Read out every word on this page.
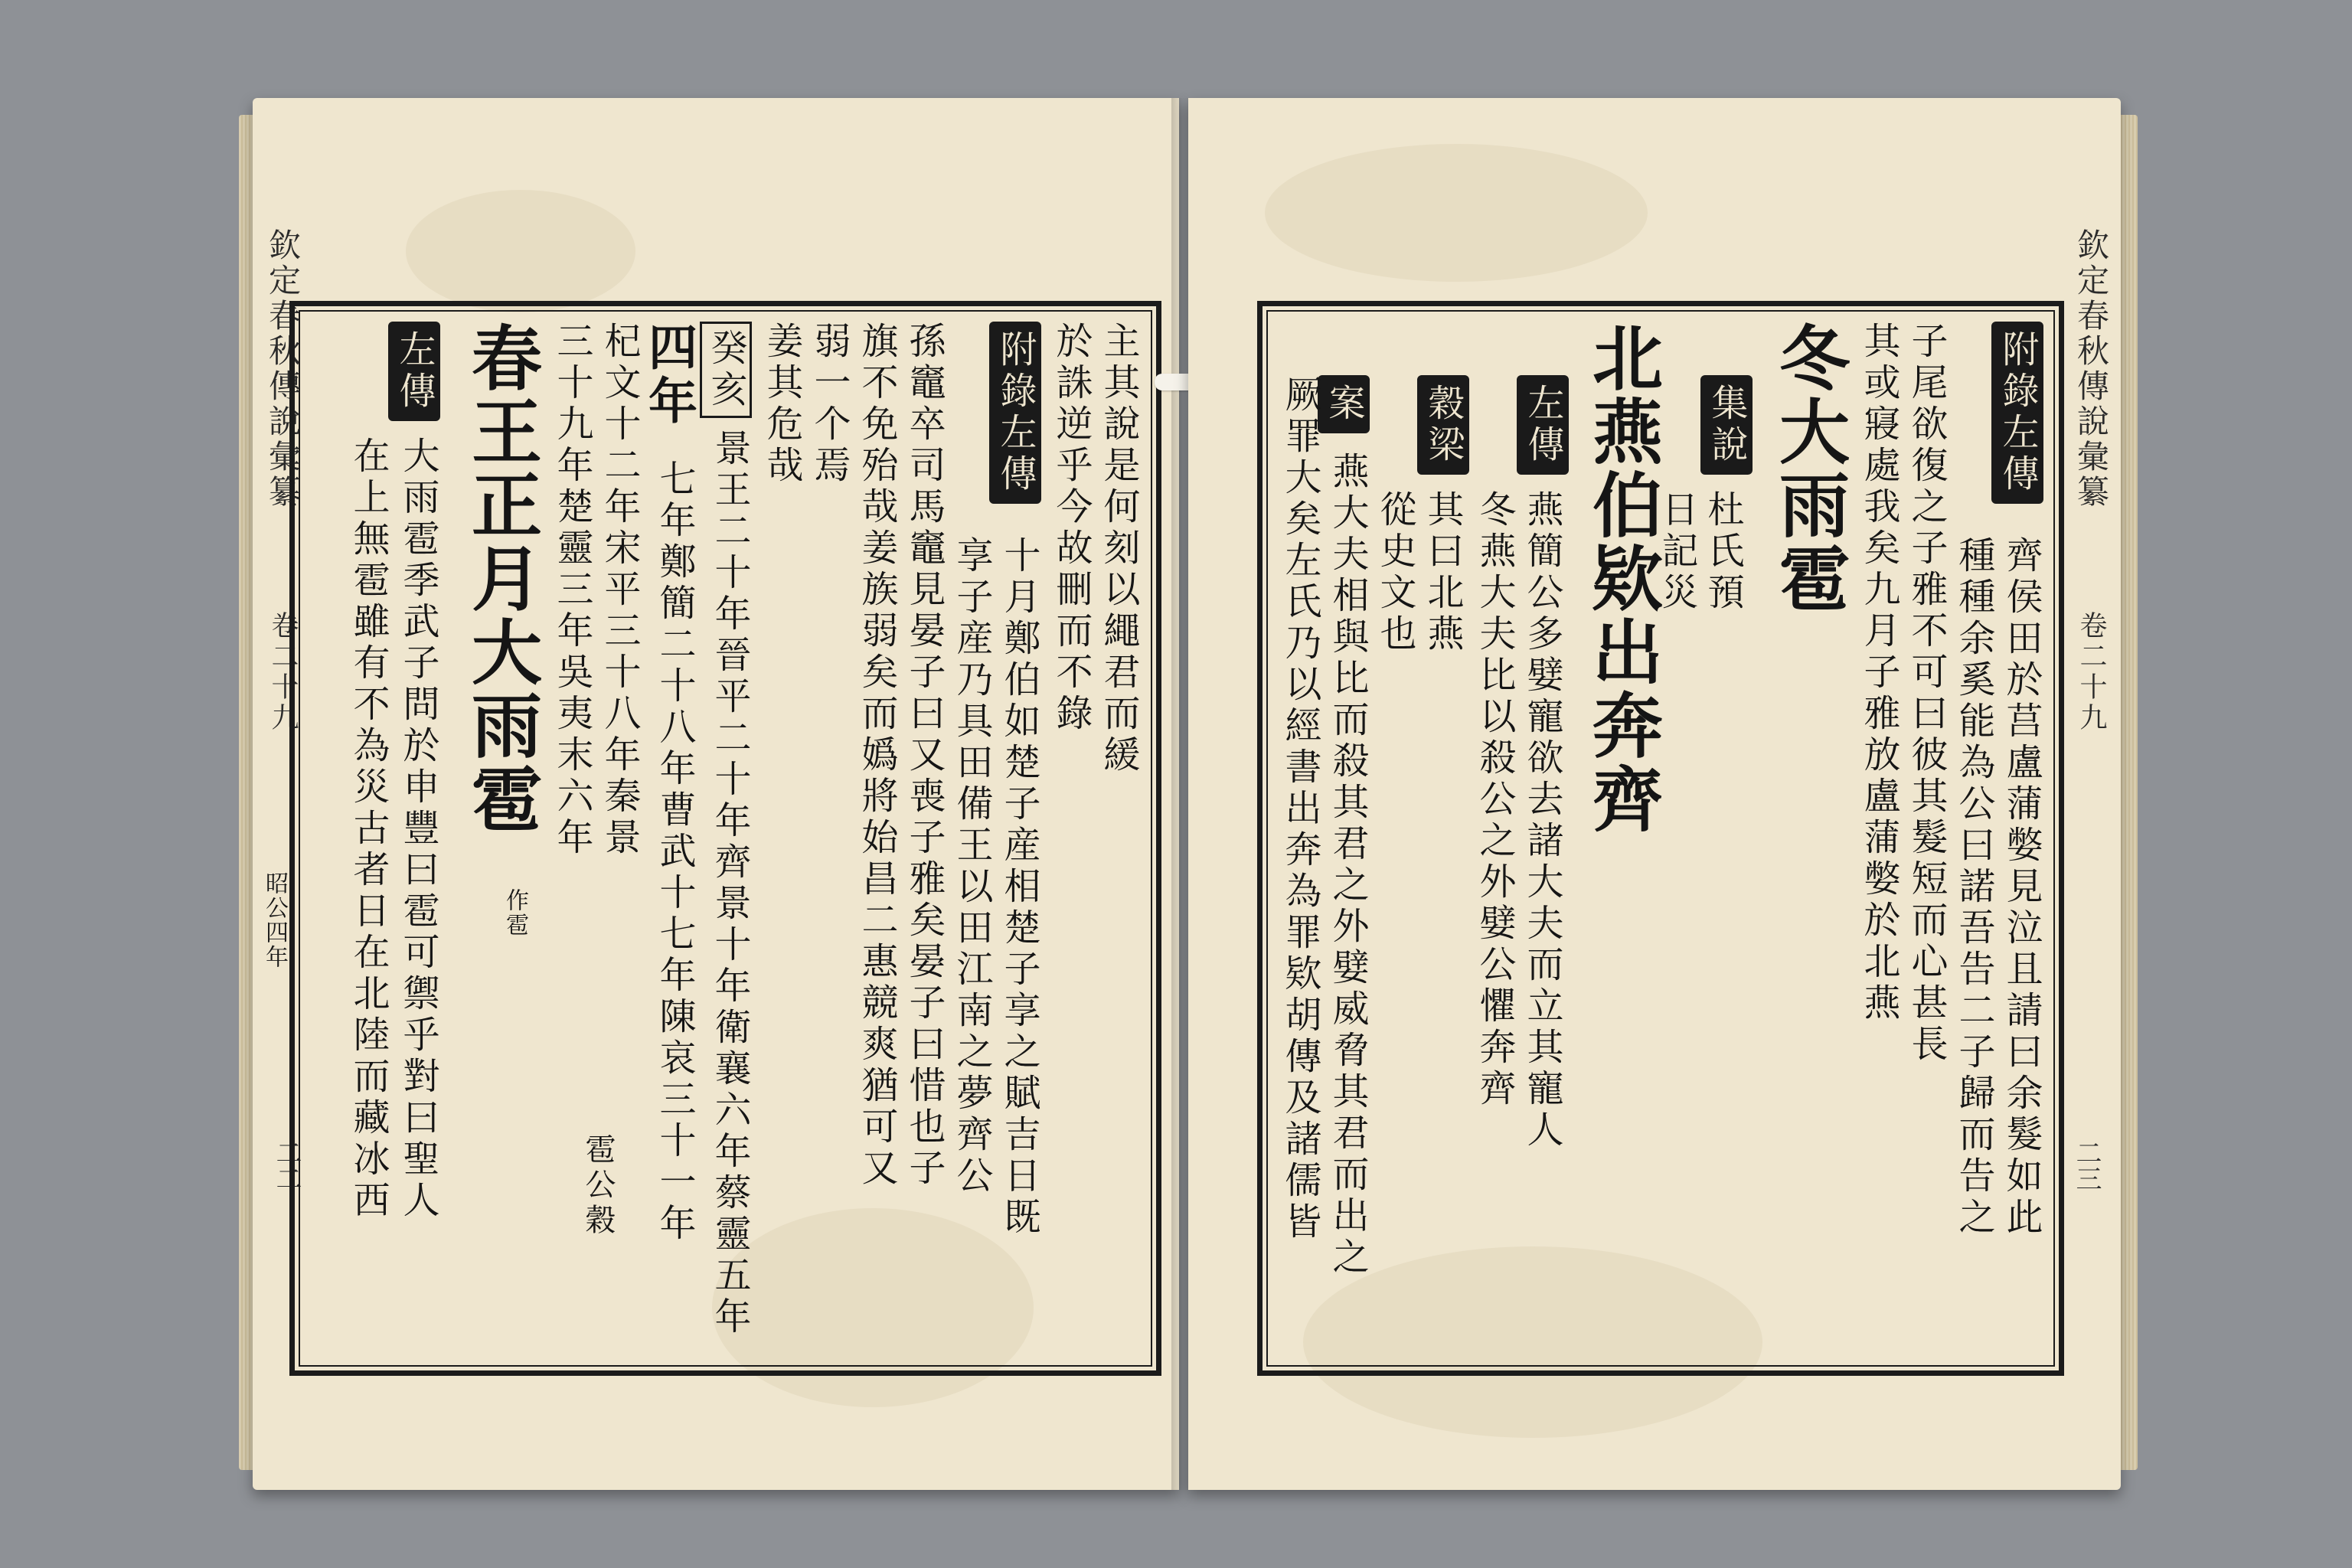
欽定春秋傳說彙纂
卷二十九
二二
主其說是何刻以繩君而緩
於誅逆乎今故刪而不錄
附錄左傳
十月鄭伯如楚子産相楚子享之賦吉日既
享子産乃具田備王以田江南之夢齊公
孫竈卒司馬竈見晏子曰又喪子雅矣晏子曰惜也子
旗不免殆哉姜族弱矣而嬀將始昌二惠競爽猶可又
弱一个焉
姜其危哉
癸亥
景王二十年晉平二十年齊景十年衛襄六年蔡靈五年
四年
七年鄭簡二十八年曹武十七年陳哀三十一年
杞文十二年宋平三十八年秦景
三十九年楚靈三年吳夷末六年
春王正月大雨雹
作雹
雹公穀
左傳
大雨雹季武子問於申豐曰雹可禦乎對曰聖人
在上無雹雖有不為災古者日在北陸而藏冰西
昭公四年
欽定春秋傳說彙纂
卷二十九
二三
附錄左傳
齊侯田於莒盧蒲嫳見泣且請曰余髮如此
種種余奚能為公曰諾吾告二子歸而告之
子尾欲復之子雅不可曰彼其髮短而心甚長
其或寢處我矣九月子雅放盧蒲嫳於北燕
冬大雨雹
集說
杜氏預
日記災
北燕伯欵出奔齊
左傳
燕簡公多嬖寵欲去諸大夫而立其寵人
冬燕大夫比以殺公之外嬖公懼奔齊
穀梁
其曰北燕
從史文也
案
燕大夫相與比而殺其君之外嬖威脅其君而出之
厥罪大矣左氏乃以經書出奔為罪欵胡傳及諸儒皆
